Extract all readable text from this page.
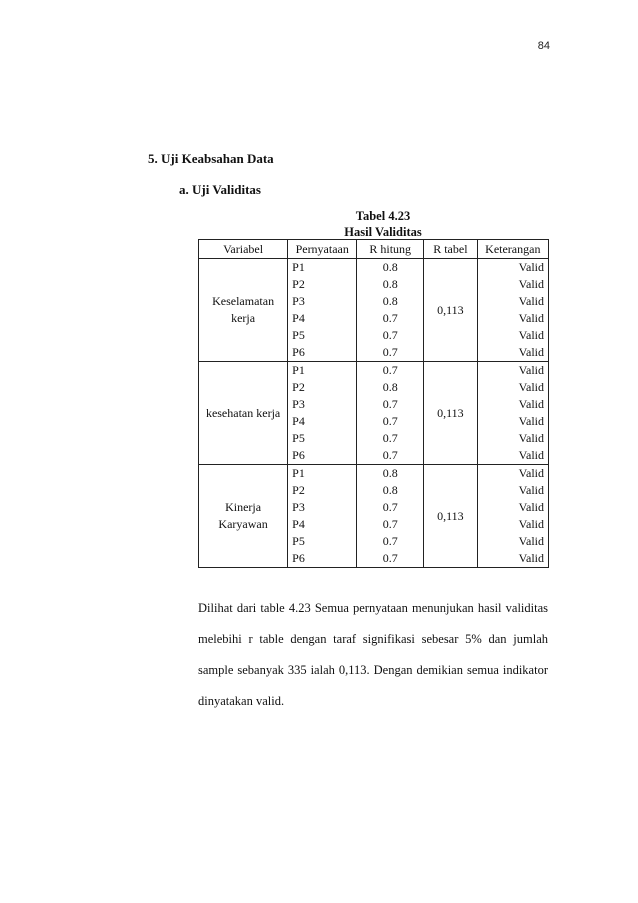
84
5. Uji Keabsahan Data
a. Uji Validitas
Tabel 4.23
Hasil Validitas
Variabel	Pernyataan	R hitung	R tabel	Keterangan
Keselamatan kerja	P1	0.8	0,113	Valid
	P2	0.8		Valid
	P3	0.8		Valid
	P4	0.7		Valid
	P5	0.7		Valid
	P6	0.7		Valid
kesehatan kerja	P1	0.7	0,113	Valid
	P2	0.8		Valid
	P3	0.7		Valid
	P4	0.7		Valid
	P5	0.7		Valid
	P6	0.7		Valid
Kinerja Karyawan	P1	0.8	0,113	Valid
	P2	0.8		Valid
	P3	0.7		Valid
	P4	0.7		Valid
	P5	0.7		Valid
	P6	0.7		Valid
Dilihat dari table 4.23 Semua pernyataan menunjukan hasil validitas melebihi r table dengan taraf signifikasi sebesar 5% dan jumlah sample sebanyak 335 ialah 0,113. Dengan demikian semua indikator dinyatakan valid.
